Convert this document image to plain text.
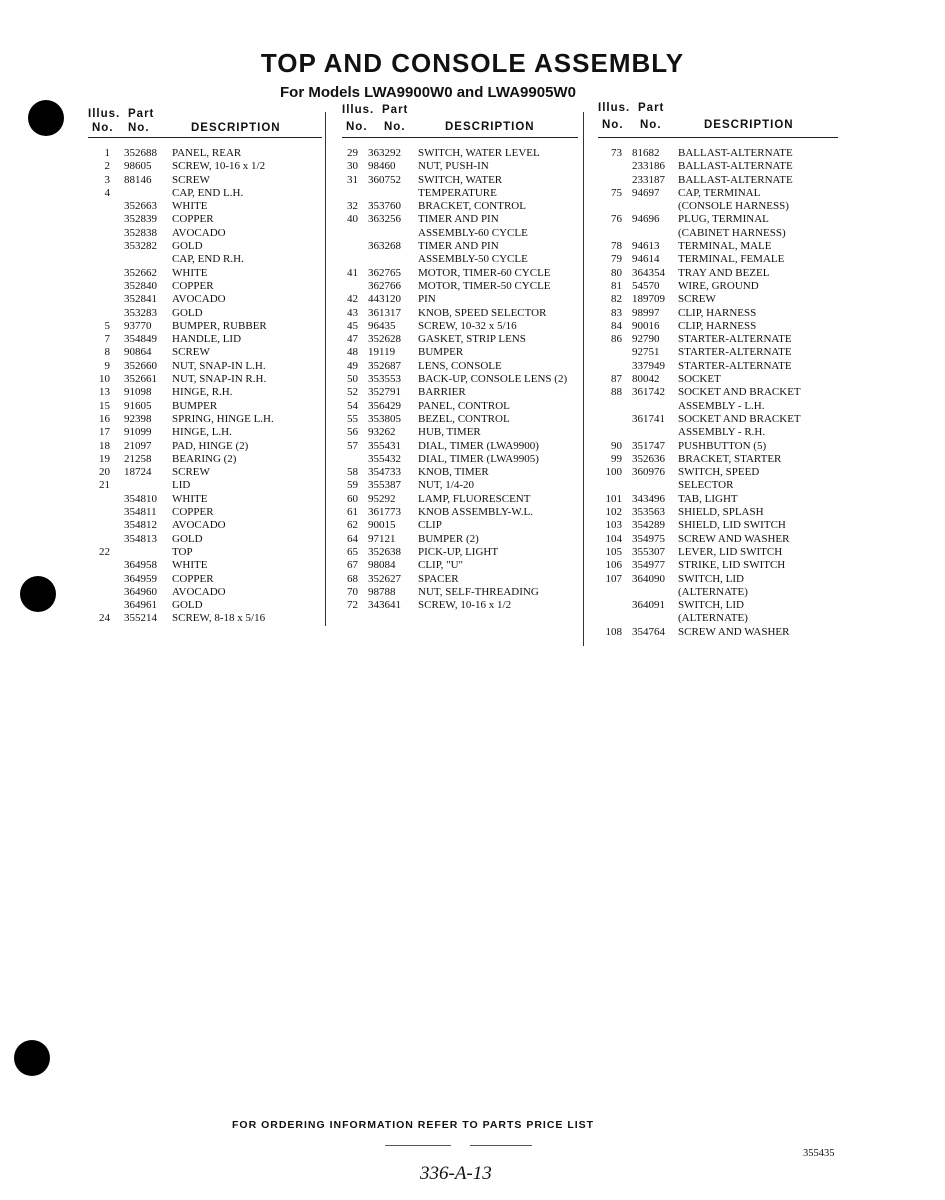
TOP AND CONSOLE ASSEMBLY
For Models LWA9900W0 and LWA9905W0
Illus. Part
No. No.	DESCRIPTION
1 352688 PANEL, REAR
2 98605 SCREW, 10-16 x 1/2
3 88146 SCREW
4	CAP, END L.H.
352663 WHITE
352839 COPPER
352838 AVOCADO
353282 GOLD
CAP, END R.H.
352662 WHITE
352840 COPPER
352841 AVOCADO
353283 GOLD
5 93770 BUMPER, RUBBER
7 354849 HANDLE, LID
8 90864 SCREW
9 352660 NUT, SNAP-IN L.H.
10 352661 NUT, SNAP-IN R.H.
13 91098 HINGE, R.H.
15 91605 BUMPER
16 92398 SPRING, HINGE L.H.
17 91099 HINGE, L.H.
18 21097 PAD, HINGE (2)
19 21258 BEARING (2)
20 18724 SCREW
21	LID
354810 WHITE
354811 COPPER
354812 AVOCADO
354813 GOLD
22	TOP
364958 WHITE
364959 COPPER
364960 AVOCADO
364961 GOLD
24 355214 SCREW, 8-18 x 5/16
Illus. Part
No. No.	DESCRIPTION
29 363292 SWITCH, WATER LEVEL
30 98460 NUT, PUSH-IN
31 360752 SWITCH, WATER
TEMPERATURE
32 353760 BRACKET, CONTROL
40 363256 TIMER AND PIN
ASSEMBLY-60 CYCLE
363268 TIMER AND PIN
ASSEMBLY-50 CYCLE
41 362765 MOTOR, TIMER-60 CYCLE
362766 MOTOR, TIMER-50 CYCLE
42 443120 PIN
43 361317 KNOB, SPEED SELECTOR
45 96435 SCREW, 10-32 x 5/16
47 352628 GASKET, STRIP LENS
48 19119 BUMPER
49 352687 LENS, CONSOLE
50 353553 BACK-UP, CONSOLE LENS (2)
52 352791 BARRIER
54 356429 PANEL, CONTROL
55 353805 BEZEL, CONTROL
56 93262 HUB, TIMER
57 355431 DIAL, TIMER (LWA9900)
355432 DIAL, TIMER (LWA9905)
58 354733 KNOB, TIMER
59 355387 NUT, 1/4-20
60 95292 LAMP, FLUORESCENT
61 361773 KNOB ASSEMBLY-W.L.
62 90015 CLIP
64 97121 BUMPER (2)
65 352638 PICK-UP, LIGHT
67 98084 CLIP, "U"
68 352627 SPACER
70 98788 NUT, SELF-THREADING
72 343641 SCREW, 10-16 x 1/2
Illus. Part
No. No.	DESCRIPTION
73 81682 BALLAST-ALTERNATE
233186 BALLAST-ALTERNATE
233187 BALLAST-ALTERNATE
75 94697 CAP, TERMINAL
(CONSOLE HARNESS)
76 94696 PLUG, TERMINAL
(CABINET HARNESS)
78 94613 TERMINAL, MALE
79 94614 TERMINAL, FEMALE
80 364354 TRAY AND BEZEL
81 54570 WIRE, GROUND
82 189709 SCREW
83 98997 CLIP, HARNESS
84 90016 CLIP, HARNESS
86 92790 STARTER-ALTERNATE
92751 STARTER-ALTERNATE
337949 STARTER-ALTERNATE
87 80042 SOCKET
88 361742 SOCKET AND BRACKET
ASSEMBLY - L.H.
361741 SOCKET AND BRACKET
ASSEMBLY - R.H.
90 351747 PUSHBUTTON (5)
99 352636 BRACKET, STARTER
100 360976 SWITCH, SPEED
SELECTOR
101 343496 TAB, LIGHT
102 353563 SHIELD, SPLASH
103 354289 SHIELD, LID SWITCH
104 354975 SCREW AND WASHER
105 355307 LEVER, LID SWITCH
106 354977 STRIKE, LID SWITCH
107 364090 SWITCH, LID
(ALTERNATE)
364091 SWITCH, LID
(ALTERNATE)
108 354764 SCREW AND WASHER
FOR ORDERING INFORMATION REFER TO PARTS PRICE LIST
355435
336-A-13
